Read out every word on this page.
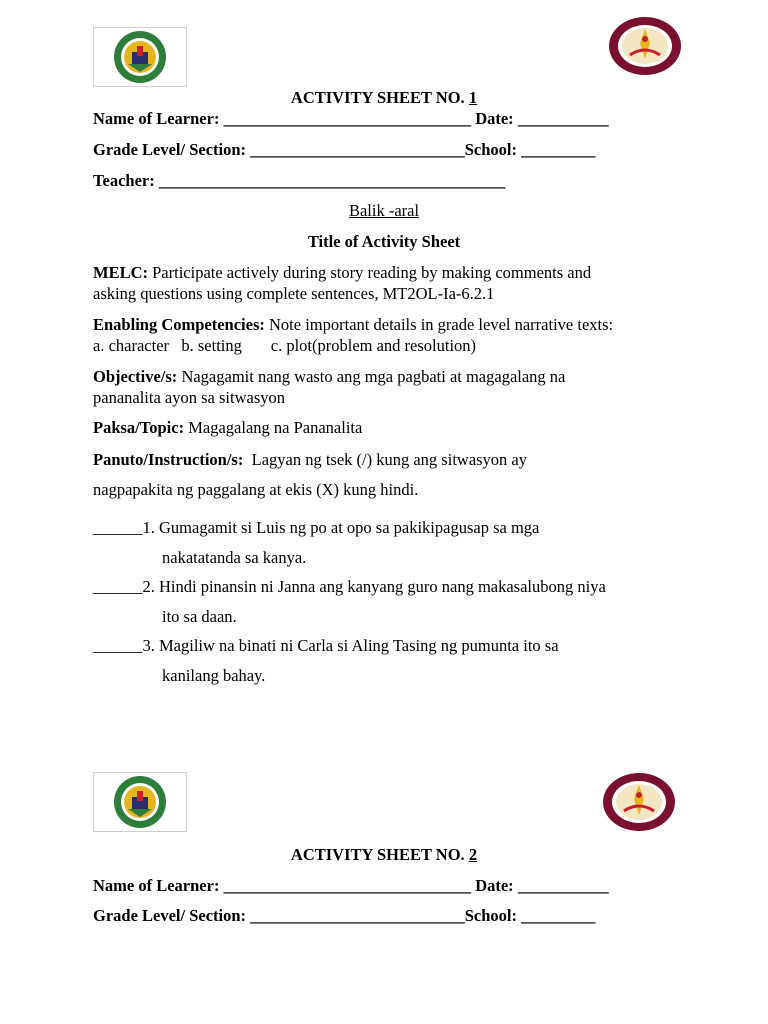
ACTIVITY SHEET NO. 1
Name of Learner: ______________________________ Date: ___________
Grade Level/ Section: __________________________School: _________
Teacher: __________________________________________
Balik -aral
Title of Activity Sheet
MELC: Participate actively during story reading by making comments and
asking questions using complete sentences, MT2OL-Ia-6.2.1
Enabling Competencies: Note important details in grade level narrative texts:
a. character   b. setting       c. plot(problem and resolution)
Objective/s: Nagagamit nang wasto ang mga pagbati at magagalang na
pananalita ayon sa sitwasyon
Paksa/Topic: Magagalang na Pananalita
Panuto/Instruction/s:  Lagyan ng tsek (/) kung ang sitwasyon ay
nagpapakita ng paggalang at ekis (X) kung hindi.
______1. Gumagamit si Luis ng po at opo sa pakikipagusap sa mga
nakatatanda sa kanya.
______2. Hindi pinansin ni Janna ang kanyang guro nang makasalubong niya
ito sa daan.
______3. Magiliw na binati ni Carla si Aling Tasing ng pumunta ito sa
kanilang bahay.
ACTIVITY SHEET NO. 2
Name of Learner: ______________________________ Date: ___________
Grade Level/ Section: __________________________School: _________
